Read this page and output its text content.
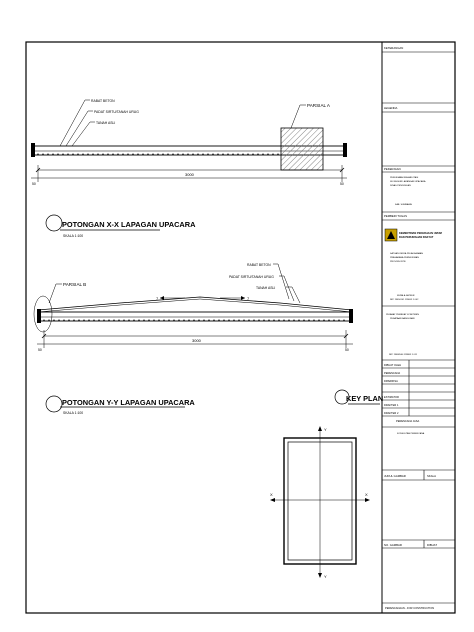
RABAT BETON
PADAT SIRTU/TANAH URUG
TANAH ASLI
PARSIAL A
3000
50	50
POTONGAN X-X LAPAGAN UPACARA
SKALA 1:100
RABAT BETON
PADAT SIRTU/TANAH URUG
TANAH ASLI
PARSIAL B
7	7
3000
50	50
POTONGAN Y-Y LAPAGAN UPACARA
SKALA 1:100
KEY PLAN
Y
Y
X	X
KETERANGAN
LEGENDA
PEKERJAAN
PEKERJAAN REHABILITASI
SD NEGERI LAPANGAN UPACARA
DINAS PENDIDIKAN
KAB. SUMBAWA
PEMBERI TUGAS
KEMENTRIAN PEKERJAAN UMUM
DAN PERUMAHAN RAKYAT
SATUAN KERJA PELAKSANAAN
PRASARANA PERMUKIMAN
PROVINSI NTB
KEPALA SATKER
NIP. 19650101 199003 1 002
PEJABAT PEMBUAT KOMITMEN
PENATAAN BANGUNAN
NIP. 19680504 199803 1 011
DIBUAT OLEH
PERENCANA
DIPERIKSA
ESTIMATOR
DRAFTER 1
DRAFTER 2
PERENCANA JASA
KONSULTAN PERENCANA
JUDUL GAMBAR	SKALA
NO. GAMBAR	DIBUAT
PERENCANAAN - FOR CONSTRUCTION
